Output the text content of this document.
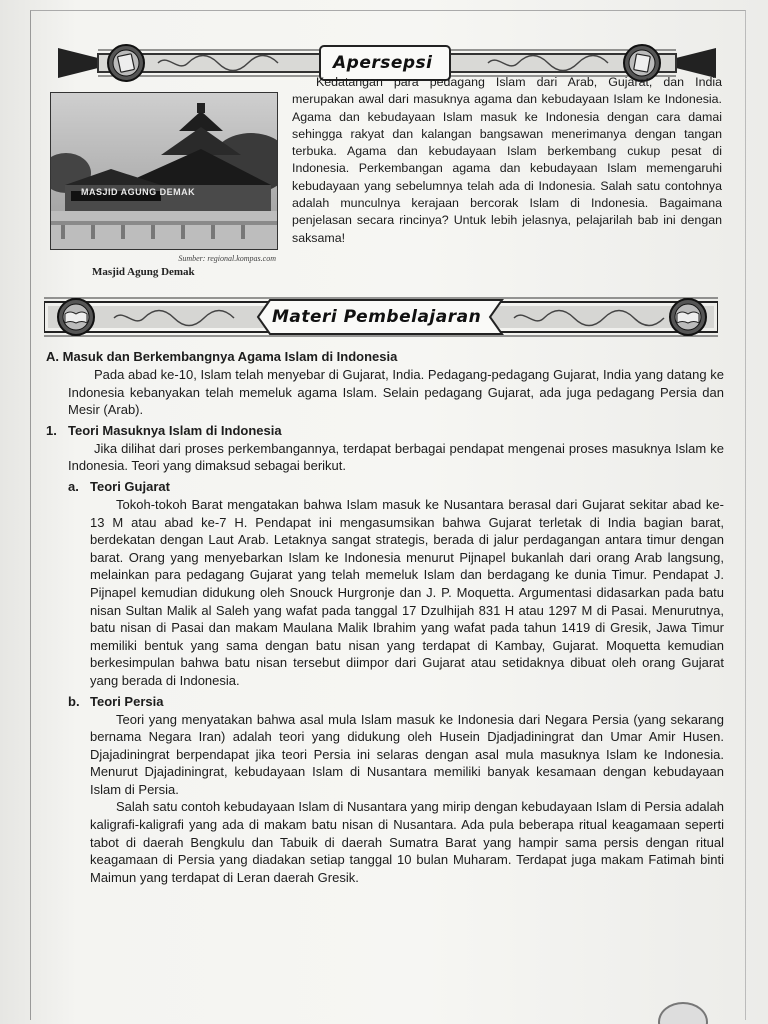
Apersepsi
MASJID AGUNG DEMAK
Sumber: regional.kompas.com
Masjid Agung Demak

Kedatangan para pedagang Islam dari Arab, Gujarat, dan India merupakan awal dari masuknya agama dan kebudayaan Islam ke Indonesia. Agama dan kebudayaan Islam masuk ke Indonesia dengan cara damai sehingga rakyat dan kalangan bangsawan menerimanya dengan tangan terbuka. Agama dan kebudayaan Islam berkembang cukup pesat di Indonesia. Perkembangan agama dan kebudayaan Islam memengaruhi kebudayaan yang sebelumnya telah ada di Indonesia. Salah satu contohnya adalah munculnya kerajaan bercorak Islam di Indonesia. Bagaimana penjelasan secara rincinya? Untuk lebih jelasnya, pelajarilah bab ini dengan saksama!

Materi Pembelajaran
A. Masuk dan Berkembangnya Agama Islam di Indonesia

Pada abad ke-10, Islam telah menyebar di Gujarat, India. Pedagang-pedagang Gujarat, India yang datang ke Indonesia kebanyakan telah memeluk agama Islam. Selain pedagang Gujarat, ada juga pedagang Persia dan Mesir (Arab).

1. Teori Masuknya Islam di Indonesia

Jika dilihat dari proses perkembangannya, terdapat berbagai pendapat mengenai proses masuknya Islam ke Indonesia. Teori yang dimaksud sebagai berikut.

a. Teori Gujarat

Tokoh-tokoh Barat mengatakan bahwa Islam masuk ke Nusantara berasal dari Gujarat sekitar abad ke-13 M atau abad ke-7 H. Pendapat ini mengasumsikan bahwa Gujarat terletak di India bagian barat, berdekatan dengan Laut Arab. Letaknya sangat strategis, berada di jalur perdagangan antara timur dengan barat. Orang yang menyebarkan Islam ke Indonesia menurut Pijnapel bukanlah dari orang Arab langsung, melainkan para pedagang Gujarat yang telah memeluk Islam dan berdagang ke dunia Timur. Pendapat J. Pijnapel kemudian didukung oleh Snouck Hurgronje dan J. P. Moquetta. Argumentasi didasarkan pada batu nisan Sultan Malik al Saleh yang wafat pada tanggal 17 Dzulhijah 831 H atau 1297 M di Pasai. Menurutnya, batu nisan di Pasai dan makam Maulana Malik Ibrahim yang wafat pada tahun 1419 di Gresik, Jawa Timur memiliki bentuk yang sama dengan batu nisan yang terdapat di Kambay, Gujarat. Moquetta kemudian berkesimpulan bahwa batu nisan tersebut diimpor dari Gujarat atau setidaknya dibuat oleh orang Gujarat yang berada di Indonesia.

b. Teori Persia

Teori yang menyatakan bahwa asal mula Islam masuk ke Indonesia dari Negara Persia (yang sekarang bernama Negara Iran) adalah teori yang didukung oleh Husein Djadjadiningrat dan Umar Amir Husen. Djajadiningrat berpendapat jika teori Persia ini selaras dengan asal mula masuknya Islam ke Indonesia. Menurut Djajadiningrat, kebudayaan Islam di Nusantara memiliki banyak kesamaan dengan kebudayaan Islam di Persia.

Salah satu contoh kebudayaan Islam di Nusantara yang mirip dengan kebudayaan Islam di Persia adalah kaligrafi-kaligrafi yang ada di makam batu nisan di Nusantara. Ada pula beberapa ritual keagamaan seperti tabot di daerah Bengkulu dan Tabuik di daerah Sumatra Barat yang hampir sama persis dengan ritual keagamaan di Persia yang diadakan setiap tanggal 10 bulan Muharam. Terdapat juga makam Fatimah binti Maimun yang terdapat di Leran daerah Gresik.
